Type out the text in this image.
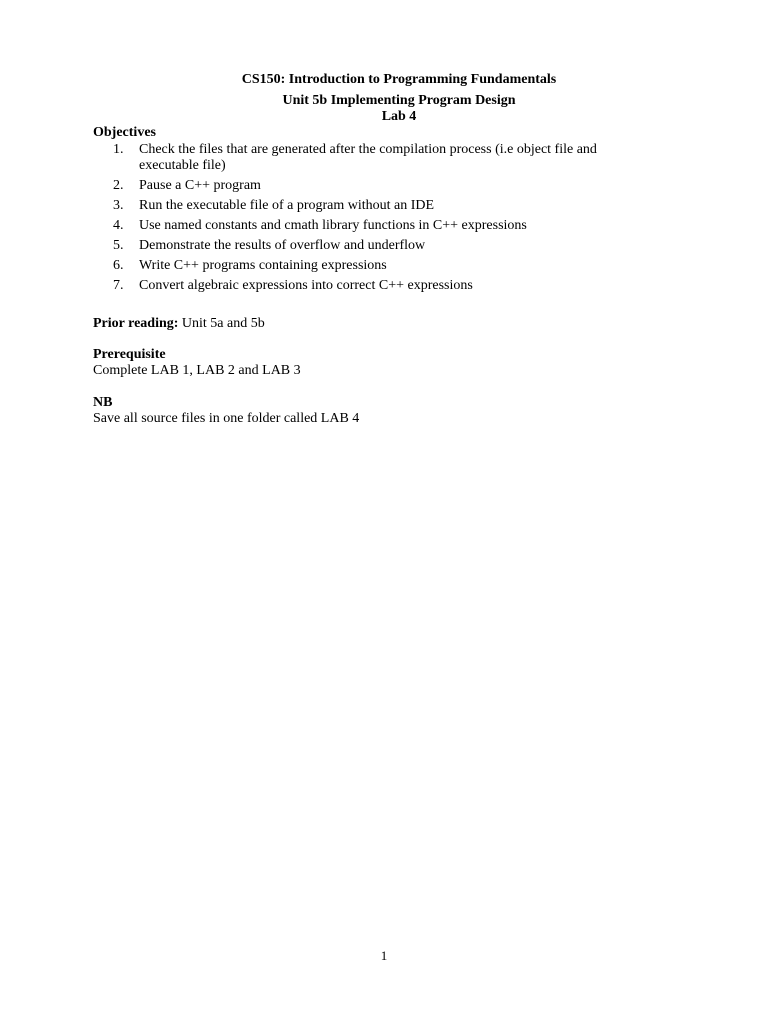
CS150: Introduction to Programming Fundamentals
Unit 5b Implementing Program Design
Lab 4
Objectives
1.	Check the files that are generated after the compilation process (i.e object file and executable file)
2.	Pause a C++ program
3.	Run the executable file of a program without an IDE
4.	Use named constants and cmath library functions in C++ expressions
5.	Demonstrate the results of overflow and underflow
6.	Write C++ programs containing expressions
7.	Convert algebraic expressions into correct C++ expressions
Prior reading: Unit 5a and 5b
Prerequisite
Complete LAB 1, LAB 2 and LAB 3
NB
Save all source files in one folder called LAB 4
1
